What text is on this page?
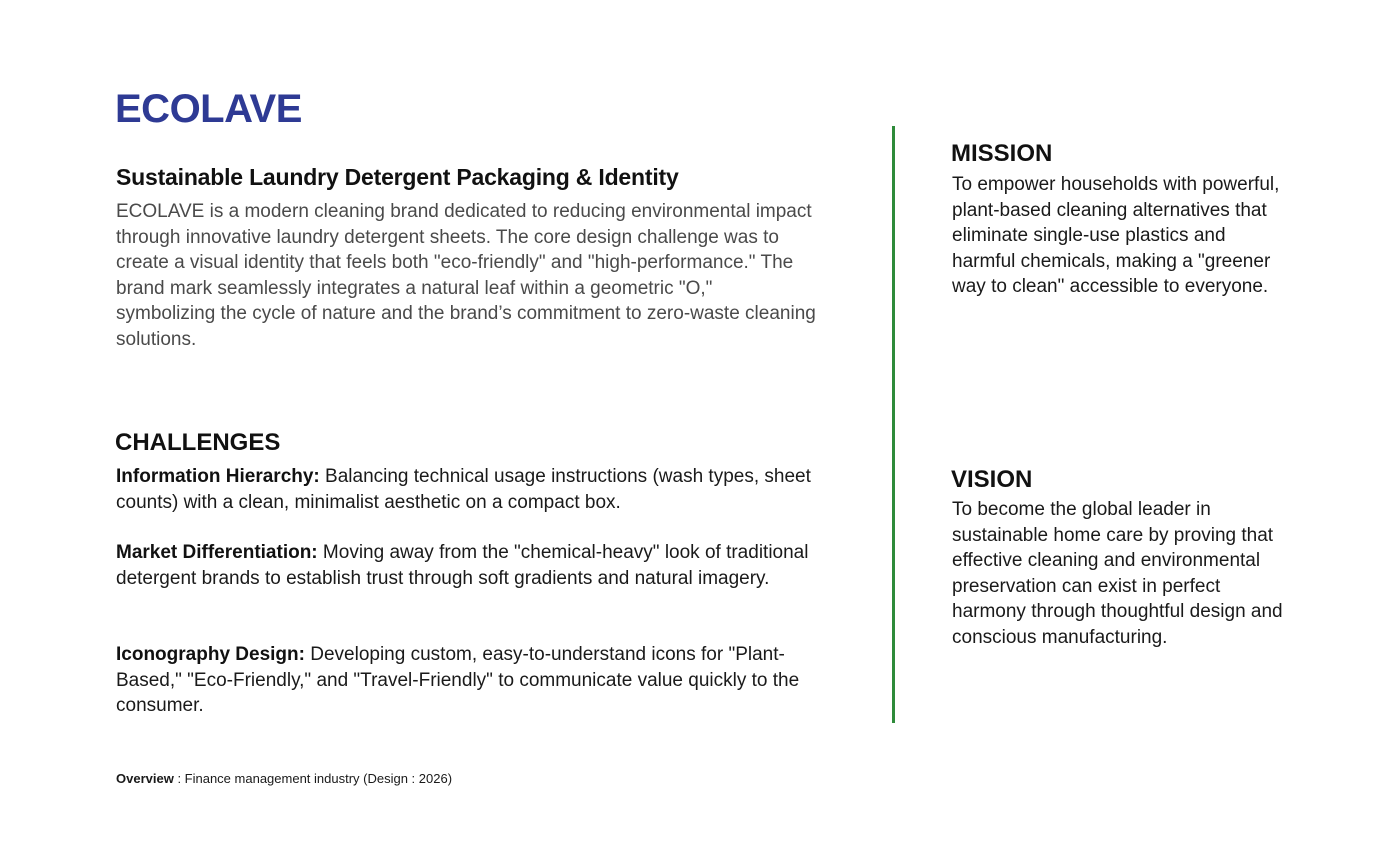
ECOLAVE
Sustainable Laundry Detergent Packaging & Identity

ECOLAVE is a modern cleaning brand dedicated to reducing environmental impact through innovative laundry detergent sheets. The core design challenge was to create a visual identity that feels both "eco-friendly" and "high-performance." The brand mark seamlessly integrates a natural leaf within a geometric "O," symbolizing the cycle of nature and the brand’s commitment to zero-waste cleaning solutions.

CHALLENGES

Information Hierarchy: Balancing technical usage instructions (wash types, sheet counts) with a clean, minimalist aesthetic on a compact box.

Market Differentiation: Moving away from the "chemical-heavy" look of traditional detergent brands to establish trust through soft gradients and natural imagery.

Iconography Design: Developing custom, easy-to-understand icons for "Plant-Based," "Eco-Friendly," and "Travel-Friendly" to communicate value quickly to the consumer.

MISSION

To empower households with powerful, plant-based cleaning alternatives that eliminate single-use plastics and harmful chemicals, making a "greener way to clean" accessible to everyone.

VISION

To become the global leader in sustainable home care by proving that effective cleaning and environmental preservation can exist in perfect harmony through thoughtful design and conscious manufacturing.

Overview : Finance management industry (Design : 2026)
